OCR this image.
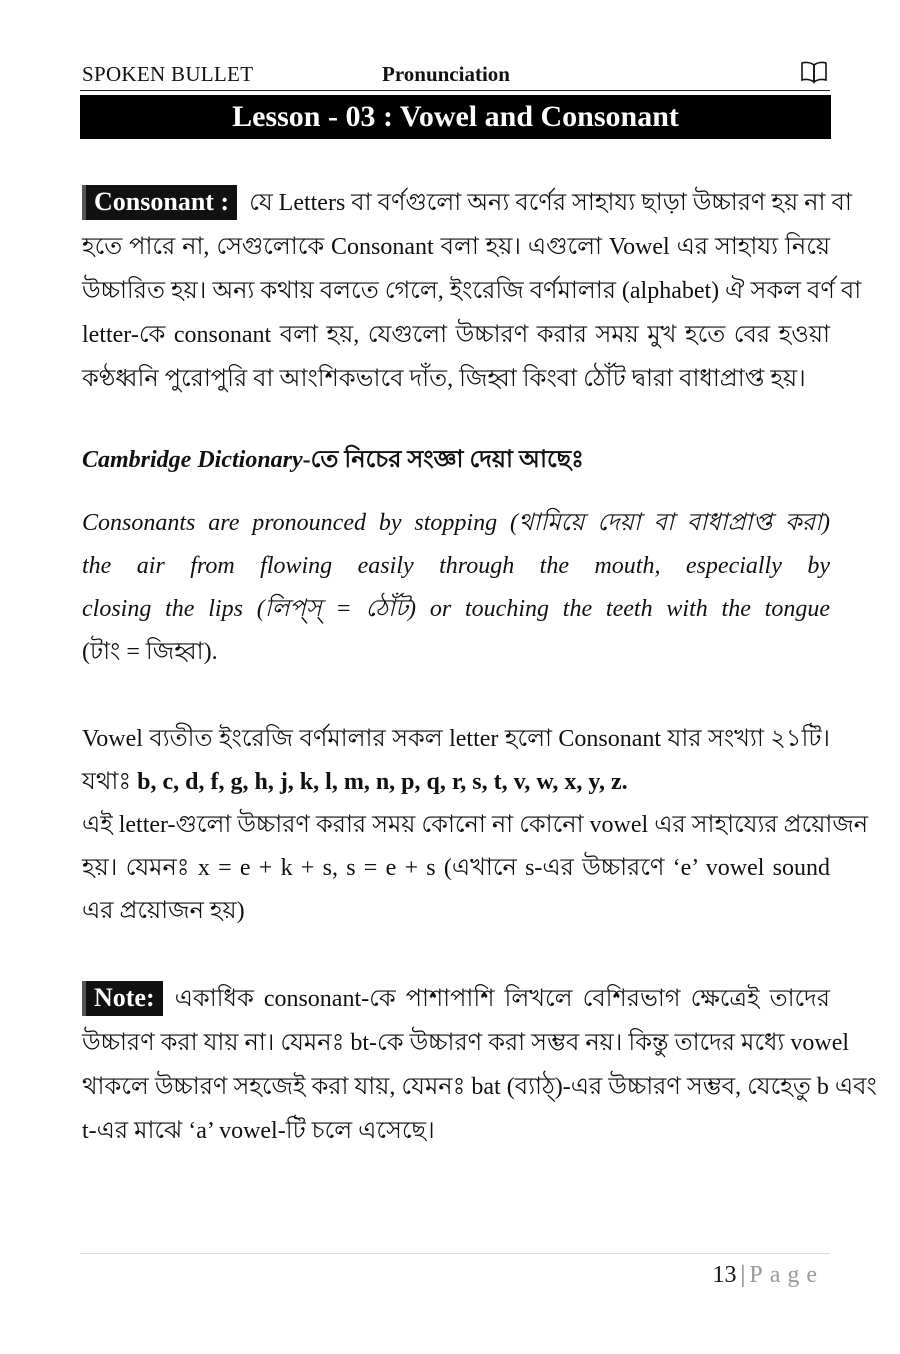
SPOKEN BULLET	Pronunciation
Lesson - 03 : Vowel and Consonant
Consonant : যে Letters বা বর্ণগুলো অন্য বর্ণের সাহায্য ছাড়া উচ্চারণ হয় না বা
হতে পারে না, সেগুলোকে Consonant বলা হয়। এগুলো Vowel এর সাহায্য নিয়ে
উচ্চারিত হয়। অন্য কথায় বলতে গেলে, ইংরেজি বর্ণমালার (alphabet) ঐ সকল বর্ণ বা
letter-কে consonant বলা হয়, যেগুলো উচ্চারণ করার সময় মুখ হতে বের হওয়া
কণ্ঠধ্বনি পুরোপুরি বা আংশিকভাবে দাঁত, জিহ্বা কিংবা ঠোঁট দ্বারা বাধাপ্রাপ্ত হয়।
Cambridge Dictionary-তে নিচের সংজ্ঞা দেয়া আছেঃ
Consonants are pronounced by stopping (থামিয়ে দেয়া বা বাধাপ্রাপ্ত করা)
the air from flowing easily through the mouth, especially by
closing the lips (লিপ্স্ = ঠোঁট) or touching the teeth with the tongue
(টাং = জিহ্বা).
Vowel ব্যতীত ইংরেজি বর্ণমালার সকল letter হলো Consonant যার সংখ্যা ২১টি।
যথাঃ b, c, d, f, g, h, j, k, l, m, n, p, q, r, s, t, v, w, x, y, z.
এই letter-গুলো উচ্চারণ করার সময় কোনো না কোনো vowel এর সাহায্যের প্রয়োজন
হয়। যেমনঃ x = e + k + s, s = e + s (এখানে s-এর উচ্চারণে ‘e’ vowel sound
এর প্রয়োজন হয়)
Note: একাধিক consonant-কে পাশাপাশি লিখলে বেশিরভাগ ক্ষেত্রেই তাদের
উচ্চারণ করা যায় না। যেমনঃ bt-কে উচ্চারণ করা সম্ভব নয়। কিন্তু তাদের মধ্যে vowel
থাকলে উচ্চারণ সহজেই করা যায়, যেমনঃ bat (ব্যাঠ্)-এর উচ্চারণ সম্ভব, যেহেতু b এবং
t-এর মাঝে ‘a’ vowel-টি চলে এসেছে।
13 | Page
